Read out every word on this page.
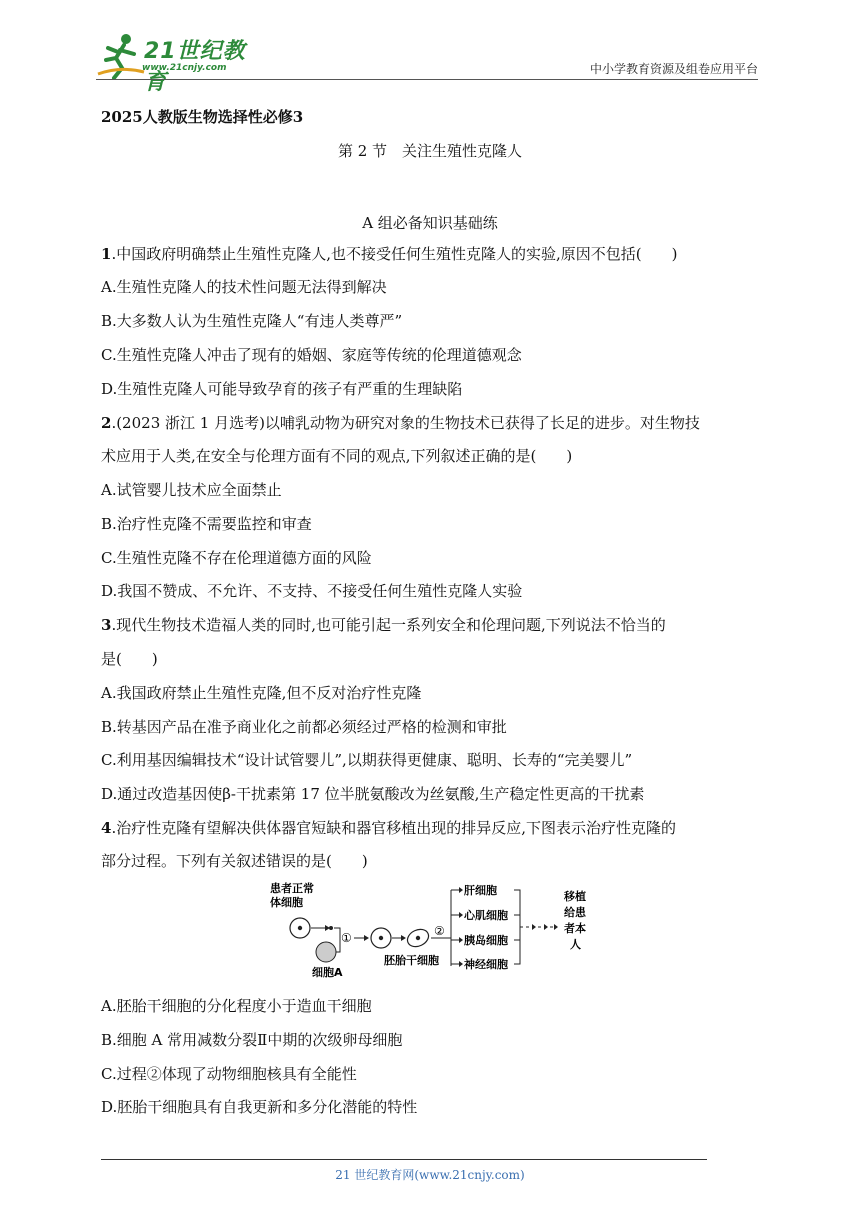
21世纪教育
www.21cnjy.com	中小学教育资源及组卷应用平台
2025人教版生物选择性必修3
第 2 节　关注生殖性克隆人
A 组必备知识基础练
1.中国政府明确禁止生殖性克隆人,也不接受任何生殖性克隆人的实验,原因不包括(　　)
A.生殖性克隆人的技术性问题无法得到解决
B.大多数人认为生殖性克隆人“有违人类尊严”
C.生殖性克隆人冲击了现有的婚姻、家庭等传统的伦理道德观念
D.生殖性克隆人可能导致孕育的孩子有严重的生理缺陷
2.(2023 浙江 1 月选考)以哺乳动物为研究对象的生物技术已获得了长足的进步。对生物技
术应用于人类,在安全与伦理方面有不同的观点,下列叙述正确的是(　　)
A.试管婴儿技术应全面禁止
B.治疗性克隆不需要监控和审查
C.生殖性克隆不存在伦理道德方面的风险
D.我国不赞成、不允许、不支持、不接受任何生殖性克隆人实验
3.现代生物技术造福人类的同时,也可能引起一系列安全和伦理问题,下列说法不恰当的
是(　　)
A.我国政府禁止生殖性克隆,但不反对治疗性克隆
B.转基因产品在准予商业化之前都必须经过严格的检测和审批
C.利用基因编辑技术“设计试管婴儿”,以期获得更健康、聪明、长寿的“完美婴儿”
D.通过改造基因使β-干扰素第 17 位半胱氨酸改为丝氨酸,生产稳定性更高的干扰素
4.治疗性克隆有望解决供体器官短缺和器官移植出现的排异反应,下图表示治疗性克隆的
部分过程。下列有关叙述错误的是(　　)
患者正常
体细胞
细胞A
①
胚胎干细胞
②
肝细胞
心肌细胞
胰岛细胞
神经细胞
移植
给患
者本
人
A.胚胎干细胞的分化程度小于造血干细胞
B.细胞 A 常用减数分裂Ⅱ中期的次级卵母细胞
C.过程②体现了动物细胞核具有全能性
D.胚胎干细胞具有自我更新和多分化潜能的特性
21 世纪教育网(www.21cnjy.com)
